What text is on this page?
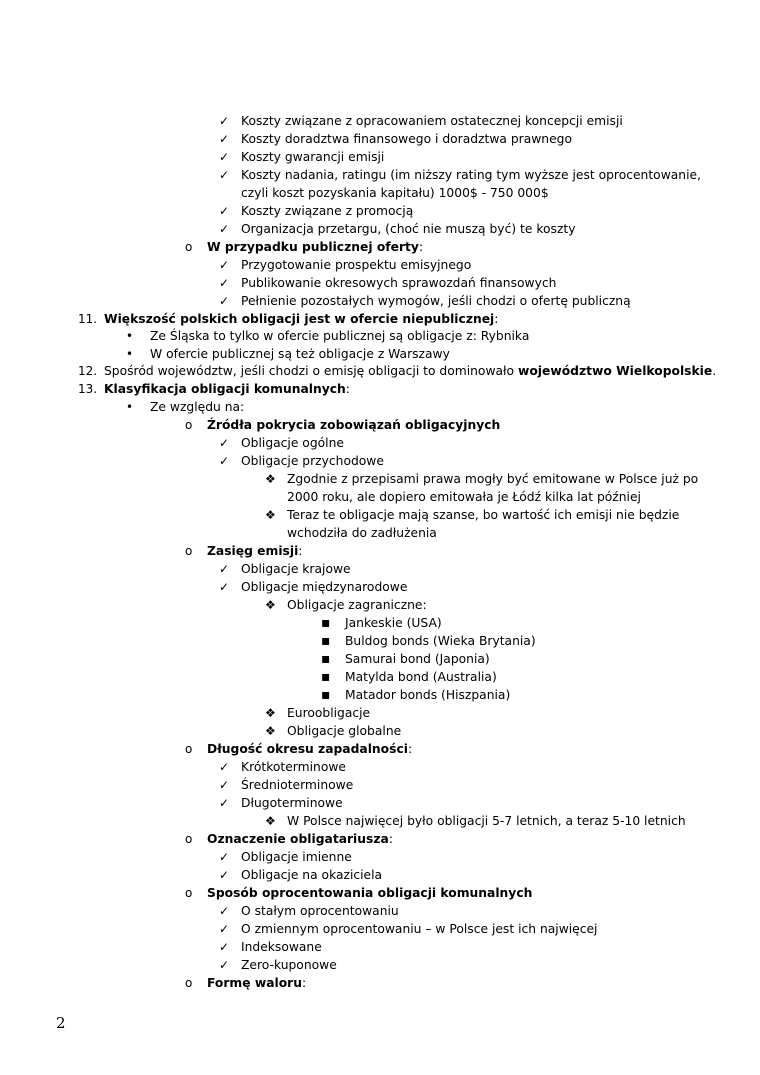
✓ Koszty związane z opracowaniem ostatecznej koncepcji emisji
✓ Koszty doradztwa finansowego i doradztwa prawnego
✓ Koszty gwarancji emisji
✓ Koszty nadania, ratingu (im niższy rating tym wyższe jest oprocentowanie,
czyli koszt pozyskania kapitału) 1000$ - 750 000$
✓ Koszty związane z promocją
✓ Organizacja przetargu, (choć nie muszą być) te koszty
o W przypadku publicznej oferty:
✓ Przygotowanie prospektu emisyjnego
✓ Publikowanie okresowych sprawozdań finansowych
✓ Pełnienie pozostałych wymogów, jeśli chodzi o ofertę publiczną
11. Większość polskich obligacji jest w ofercie niepublicznej:
• Ze Śląska to tylko w ofercie publicznej są obligacje z: Rybnika
• W ofercie publicznej są też obligacje z Warszawy
12. Spośród województw, jeśli chodzi o emisję obligacji to dominowało województwo Wielkopolskie.
13. Klasyfikacja obligacji komunalnych:
• Ze względu na:
o Źródła pokrycia zobowiązań obligacyjnych
✓ Obligacje ogólne
✓ Obligacje przychodowe
❖ Zgodnie z przepisami prawa mogły być emitowane w Polsce już po
2000 roku, ale dopiero emitowała je Łódź kilka lat później
❖ Teraz te obligacje mają szanse, bo wartość ich emisji nie będzie
wchodziła do zadłużenia
o Zasięg emisji:
✓ Obligacje krajowe
✓ Obligacje międzynarodowe
❖ Obligacje zagraniczne:
▪ Jankeskie (USA)
▪ Buldog bonds (Wieka Brytania)
▪ Samurai bond (Japonia)
▪ Matylda bond (Australia)
▪ Matador bonds (Hiszpania)
❖ Euroobligacje
❖ Obligacje globalne
o Długość okresu zapadalności:
✓ Krótkoterminowe
✓ Średnioterminowe
✓ Długoterminowe
❖ W Polsce najwięcej było obligacji 5-7 letnich, a teraz 5-10 letnich
o Oznaczenie obligatariusza:
✓ Obligacje imienne
✓ Obligacje na okaziciela
o Sposób oprocentowania obligacji komunalnych
✓ O stałym oprocentowaniu
✓ O zmiennym oprocentowaniu – w Polsce jest ich najwięcej
✓ Indeksowane
✓ Zero-kuponowe
o Formę waloru:
2
